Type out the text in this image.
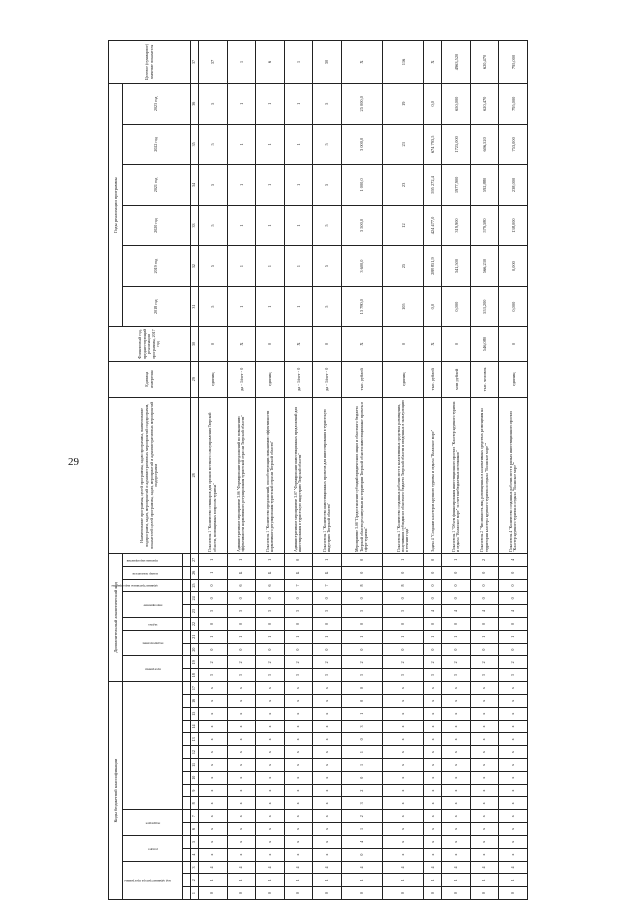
29
Коды бюджетной классификации																	Дополнительный аналитический код										Наименование программы, целей программы, задач программы, наименование подпрограмм, задач, мероприятий и административных мероприятий подпрограмм, показателей целей программы, задач, мероприятий и административных мероприятий подпрограмм	Единица измерения	Финансовый год, предшествующий реализации программы, 2017 год	Годы реализации программы						Целевое (суммарное) значение показателя

код администратора программы			раздел		подраздел												программа		подпрограмма		задача	мероприятие		административное мероприятие	номер показателя	признак мероприятия				2018 год	2019 год	2020 год	2021 год	2022 год	2023 год	

1	2	3	4	5	6	7	8	9	10	11	12	13	14	15	16	17	18	19	20	21	22	23	24	25	26	27	28	29	30	31	32	33	34	35	36	37
0	1	4	х	х	х	х	х	х	х	х	х	х	х	х	х	х	3	2	0	1	0	3	0	0	1	1	Показатель 1 "Количество семинаров для органов местного самоуправления Тверской области, посвященных вопросам туризма"	единиц	0	5	5	5	5	5	5	37
0	1	4	х	х	х	х	х	х	х	х	х	х	х	х	х	х	3	2	0	1	0	3	0	6	Б	1	Административное мероприятие 3.06 "Формирование предложений по повышению эффективности нормативного регулирования туристской отрасли Тверской области"	да - 1/нет - 0	Х	1	1	1	1	1	1	1
0	1	4	х	х	х	х	х	х	х	х	х	х	х	х	х	х	3	2	0	1	0	3	0	6	Б	1	Показатель 1 "Количество предложений, способствующих повышению эффективности нормативного регулирования туристской отрасли Тверской области"	единиц	0	1	1	1	1	1	1	6
0	1	4	х	х	х	х	х	х	х	х	х	х	х	х	х	х	3	2	0	1	0	3	0	7	Б	0	Административное мероприятие 3.07 "Формирование инвестиционных предложений для инвестирования в туристскую индустрию Тверской области"	да - 1/нет - 0	Х	1	1	1	1	1	1	1
0	1	4	х	х	х	х	х	х	х	х	х	х	х	х	х	х	3	2	0	1	0	3	0	7	Б	1	Показатель 1 "Количество инвестиционных проектов для инвестирования в туристскую индустрию Тверской области"	да - 1/нет - 0	0	5	5	5	5	5	5	30
0	1	4	0	4	1	2	3	2	0	1	1	0	3	1	0	0	3	2	0	1	0	3	0	8	0	0	Мероприятие 3.08 "Предоставление субсидий юридическим лицам и областного бюджета Тверской области реализуемым на территории Тверской области инвестиционные проекты в сфере туризма"	тыс. рублей	Х	13 780,0	3 600,0	3 500,0	1 000,0	3 000,0	25 000,0	Х
0	1	4	х	х	х	х	х	х	х	х	х	х	х	х	х	х	3	2	0	1	0	3	0	8	0	1	Показатель 1 "Количество созданных рабочих мест в коллективных средствах размещения, получивших субсидии из областного бюджета Тверской области и введенных в эксплуатацию в течение года"	единиц	0	105	25	12	23	23	19	116
0	1	4	х	х	х	х	х	х	х	х	х	х	х	х	х	х	3	2	0	1	0	4	0	0	0	0	Задача 4 "Создание кластеров крупного туризма и отдыха "Волжское море"	тыс. рублей	Х	0,0	288 851,9	424 477,0	595 272,4	674 793,5	0,0	Х
0	1	4	х	х	х	х	х	х	х	х	х	х	х	х	х	х	3	2	0	1	0	4	0	0	0	1	Показатель 1 "Объем финансирования инвестиционного проекта "Кластер крупного туризма и отдыха "Волжское море" за счет внебюджетных источников"	млн рублей	0	0,000	341,500	319,900	1977,900	1725,000	650,000	4963,520
0	1	4	х	х	х	х	х	х	х	х	х	х	х	х	х	х	3	2	0	1	0	4	0	0	0	2	Показатель 2 "Численность лиц, размещенных в коллективных средствах размещения на территории кластера крупного туризма и отдыха "Волжское море""	тыс. человек	546,080	553,200	566,230	579,580	592,880	606,520	620,470	620,470
0	1	4	х	х	х	х	х	х	х	х	х	х	х	х	х	х	3	2	0	1	0	4	0	0	0	4	Показатель 4 "Количество созданных рабочих мест в рамках инвестиционного проекта "Кластер крупного туризма и отдыха "Волжское море""	единиц	0	0,000	0,000	138,000	238,000	753,000	795,000	795,000
